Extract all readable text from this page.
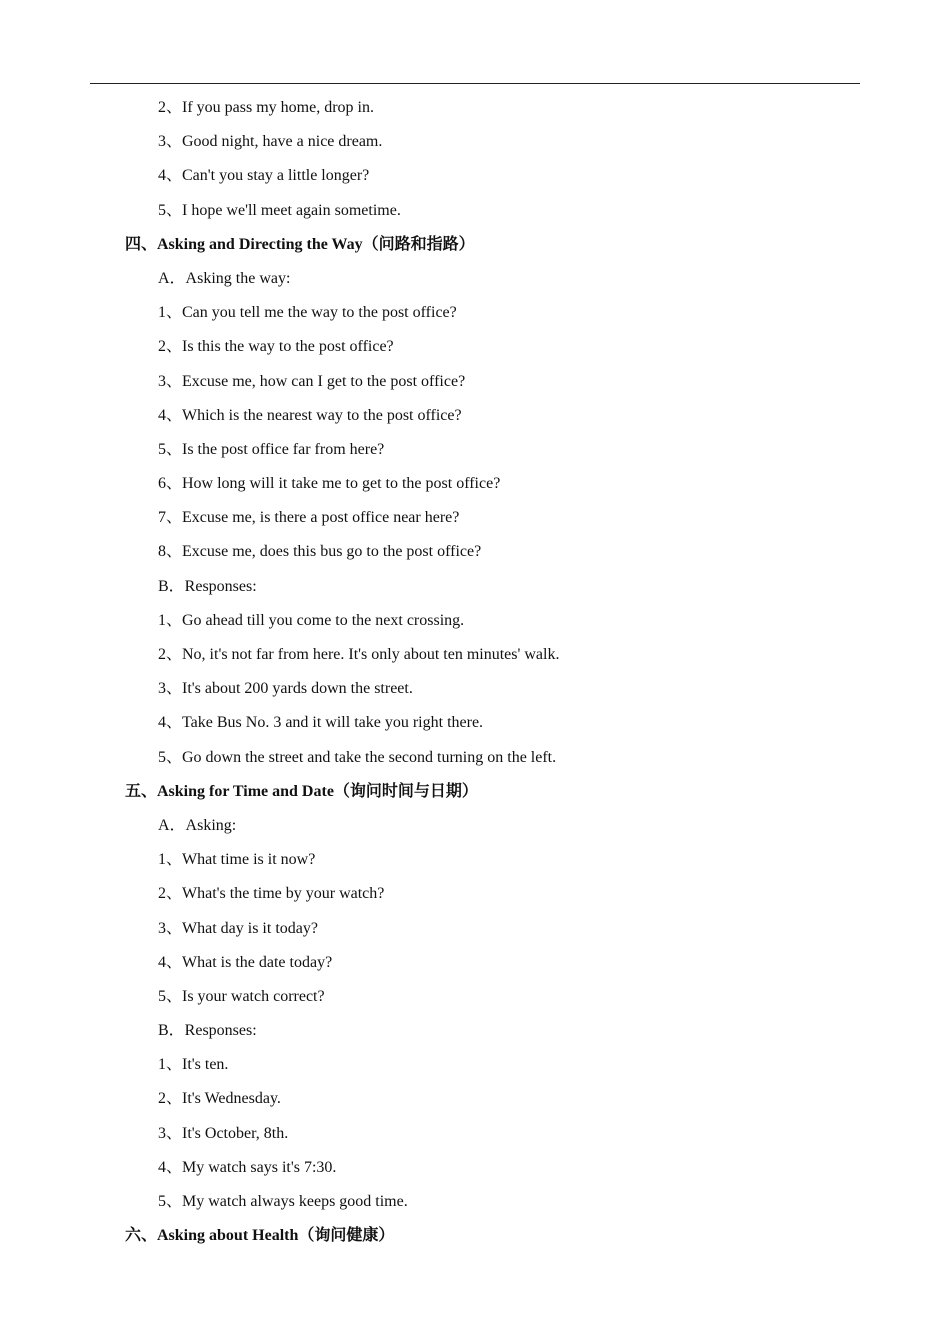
2、If you pass my home, drop in.
3、Good night, have a nice dream.
4、Can't you stay a little longer?
5、I hope we'll meet again sometime.
四、Asking and Directing the Way（问路和指路）
A．Asking the way:
1、Can you tell me the way to the post office?
2、Is this the way to the post office?
3、Excuse me, how can I get to the post office?
4、Which is the nearest way to the post office?
5、Is the post office far from here?
6、How long will it take me to get to the post office?
7、Excuse me, is there a post office near here?
8、Excuse me, does this bus go to the post office?
B．Responses:
1、Go ahead till you come to the next crossing.
2、No, it's not far from here. It's only about ten minutes' walk.
3、It's about 200 yards down the street.
4、Take Bus No. 3 and it will take you right there.
5、Go down the street and take the second turning on the left.
五、Asking for Time and Date（询问时间与日期）
A．Asking:
1、What time is it now?
2、What's the time by your watch?
3、What day is it today?
4、What is the date today?
5、Is your watch correct?
B．Responses:
1、It's ten.
2、It's Wednesday.
3、It's October, 8th.
4、My watch says it's 7:30.
5、My watch always keeps good time.
六、Asking about Health（询问健康）
